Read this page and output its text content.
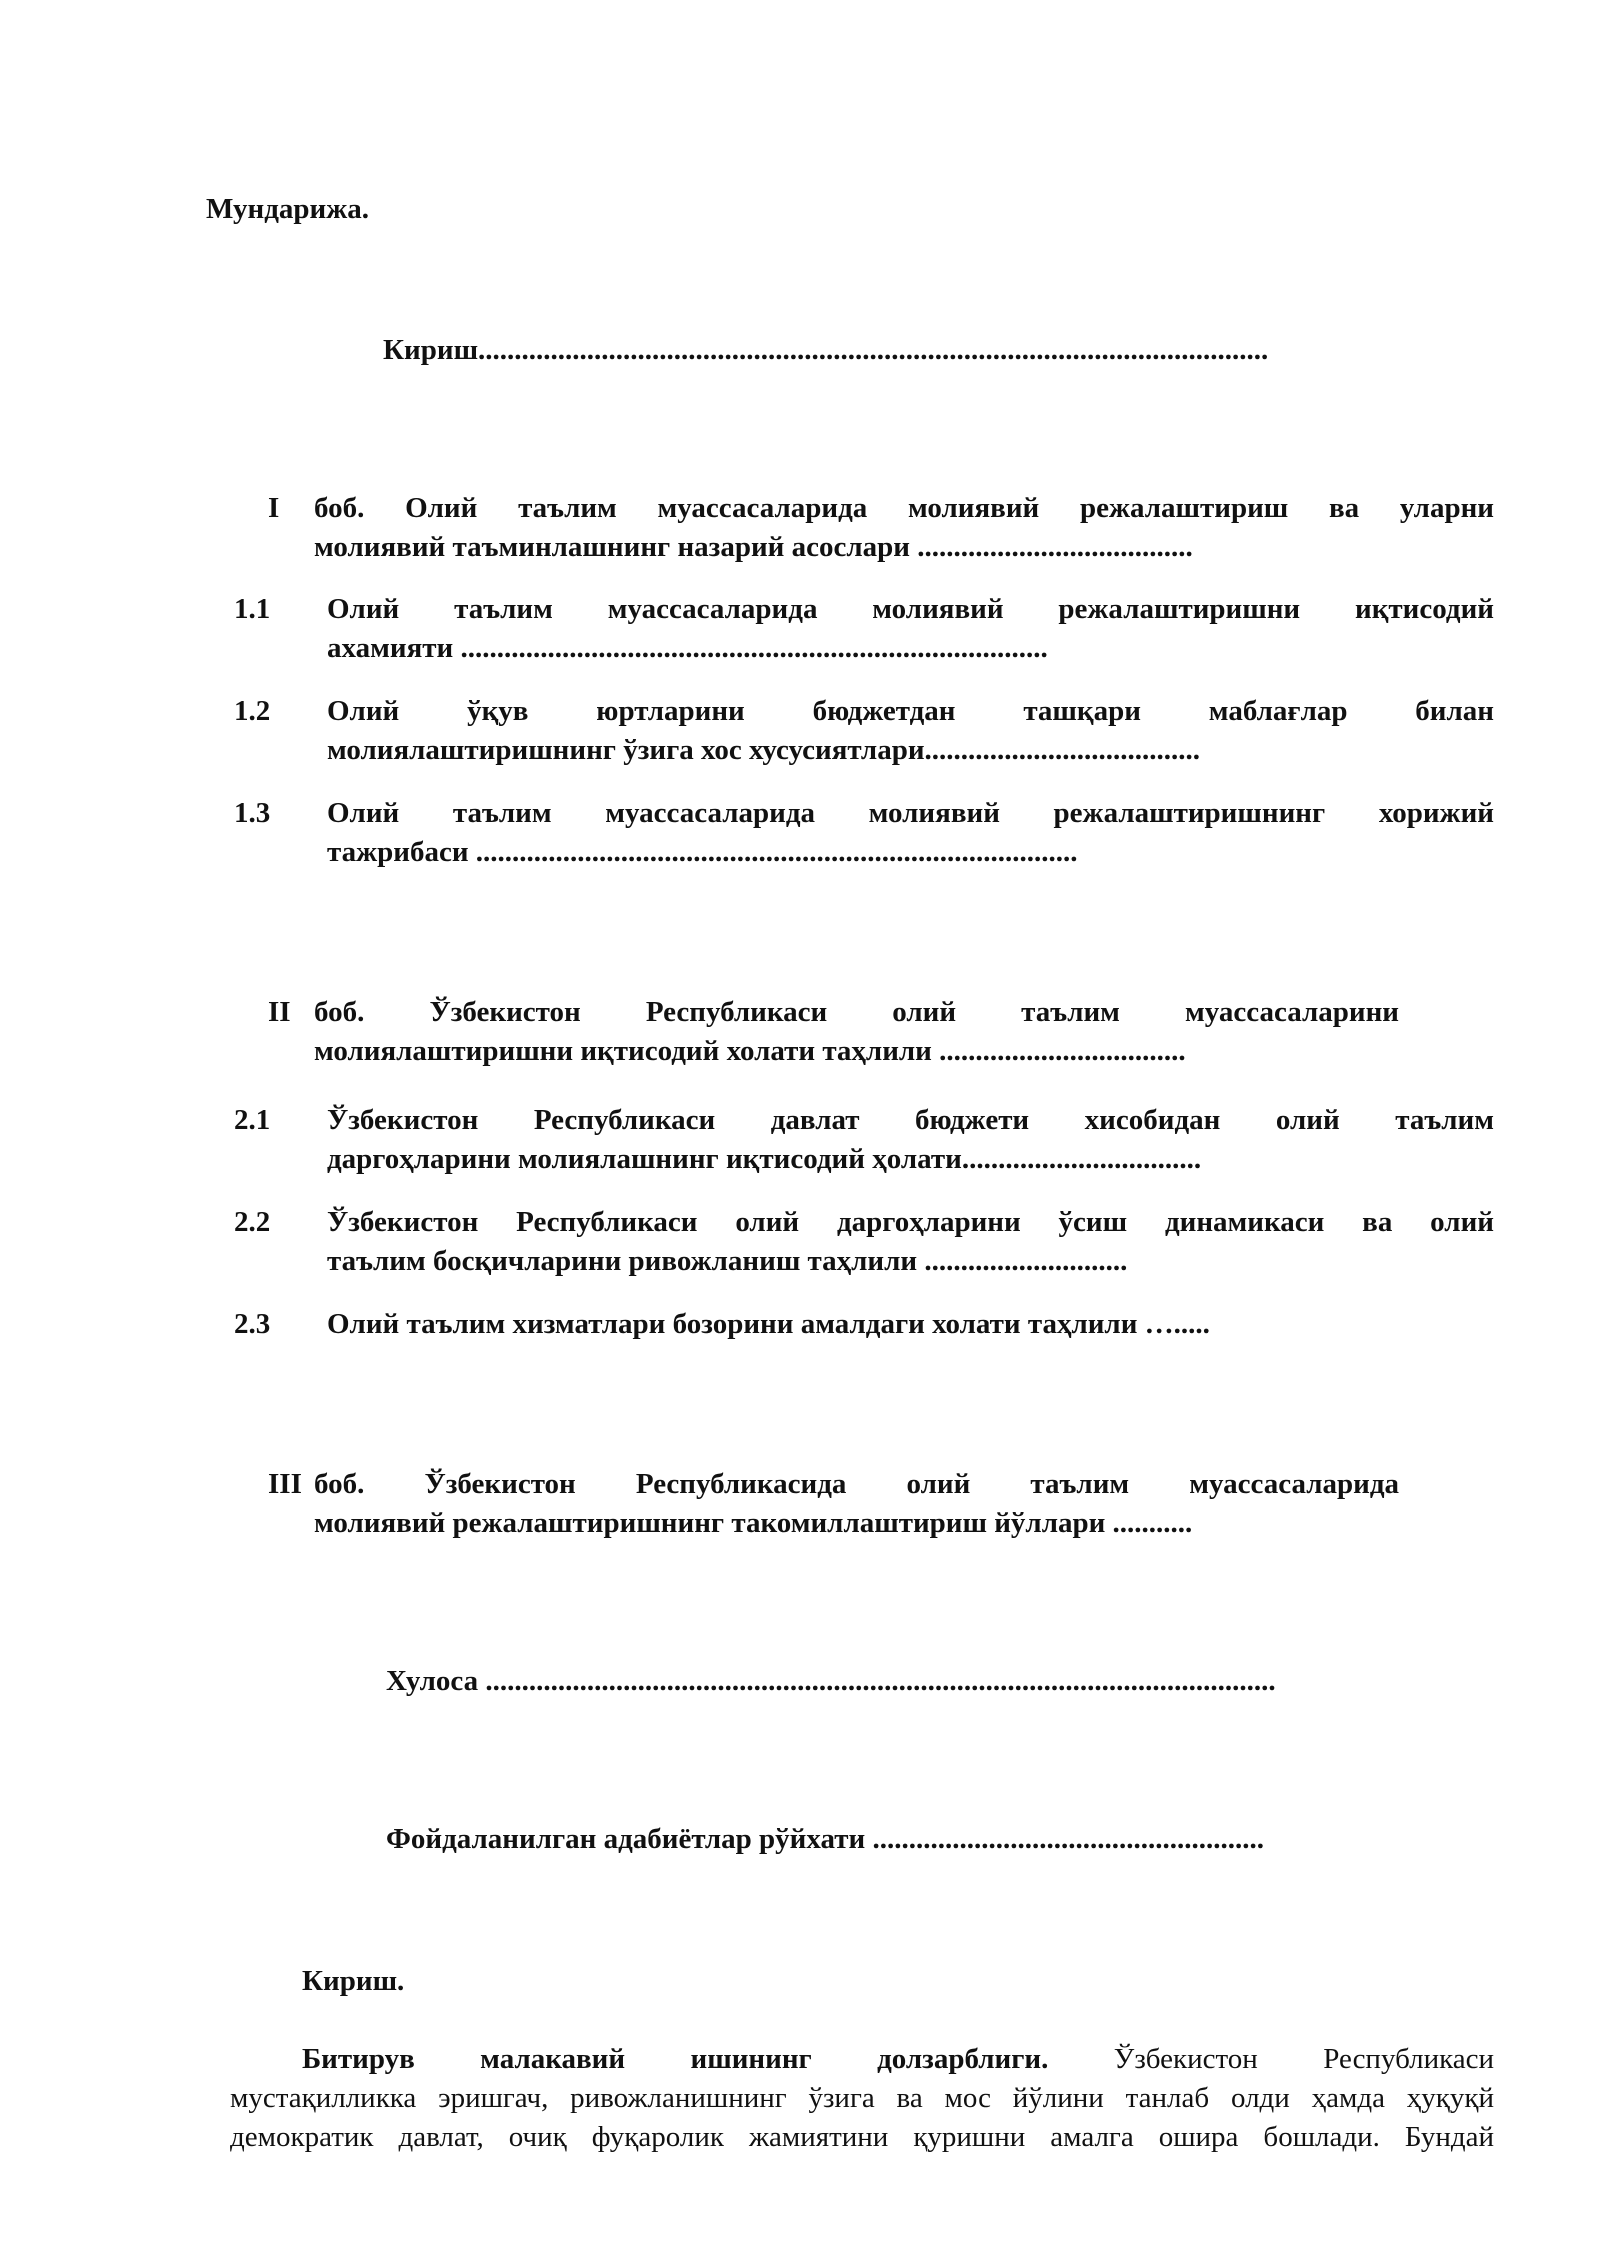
Мундарижа.
Кириш.............................................................................................................
I боб. Олий таълим муассасаларида молиявий режалаштириш ва уларни
молиявий таъминлашнинг назарий асослари ......................................
1.1 Олий таълим муассасаларида молиявий режалаштиришни иқтисодий
ахамияти .................................................................................
1.2 Олий ўқув юртларини бюджетдан ташқари маблағлар билан
молиялаштиришнинг ўзига хос хусусиятлари......................................
1.3 Олий таълим муассасаларида молиявий режалаштиришнинг хорижий
тажрибаси ...................................................................................
II боб. Ўзбекистон Республикаси олий таълим муассасаларини
молиялаштиришни иқтисодий холати таҳлили ..................................
2.1 Ўзбекистон Республикаси давлат бюджети хисобидан олий таълим
даргоҳларини молиялашнинг иқтисодий ҳолати.................................
2.2 Ўзбекистон Республикаси олий даргоҳларини ўсиш динамикаси ва олий
таълим босқичларини ривожланиш таҳлили ............................
2.3 Олий таълим хизматлари бозорини амалдаги холати таҳлили ….....
III боб. Ўзбекистон Республикасида олий таълим муассасаларида
молиявий режалаштиришнинг такомиллаштириш йўллари ...........
Хулоса .............................................................................................................
Фойдаланилган адабиётлар рўйхати ......................................................
Кириш.
Битирув малакавий ишининг долзарблиги. Ўзбекистон Республикаси
мустақилликка эришгач, ривожланишнинг ўзига ва мос йўлини танлаб олди ҳамда ҳуқуқй
демократик давлат, очиқ фуқаролик жамиятини қуришни амалга ошира бошлади. Бундай
